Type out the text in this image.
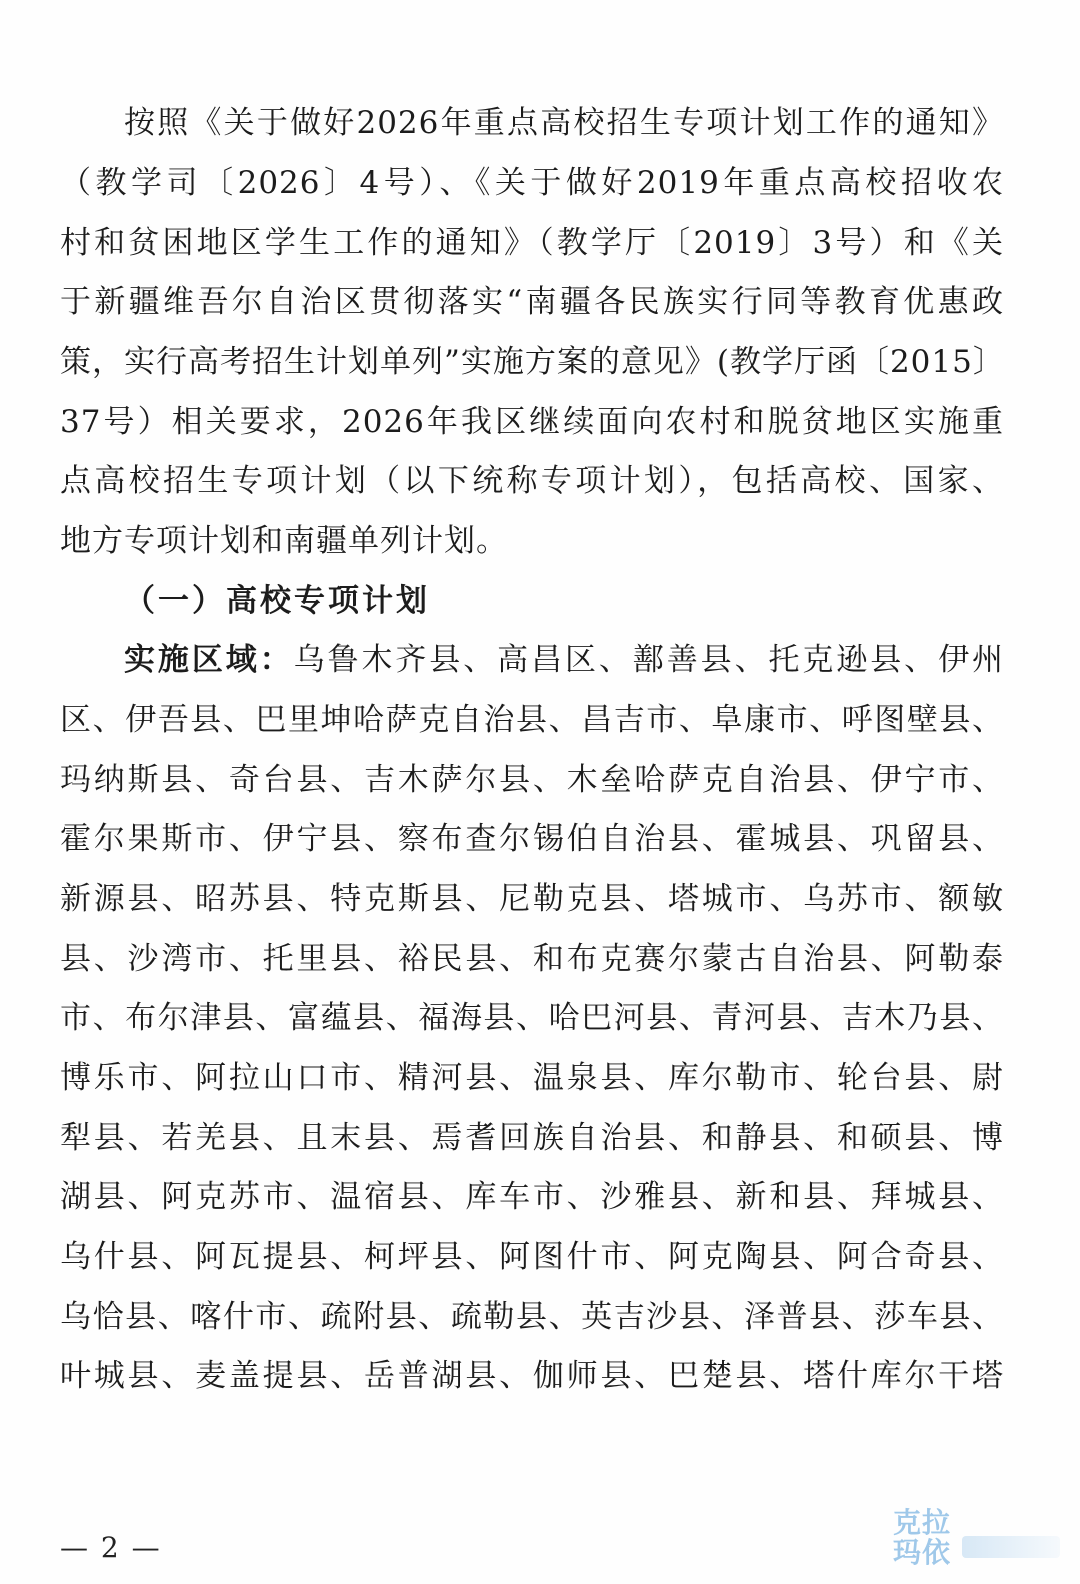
按照《关于做好2026年重点高校招生专项计划工作的通知》
（教学司〔2026〕4号）、《关于做好2019年重点高校招收农
村和贫困地区学生工作的通知》（教学厅〔2019〕3号）和《关
于新疆维吾尔自治区贯彻落实“南疆各民族实行同等教育优惠政
策，实行高考招生计划单列”实施方案的意见》(教学厅函〔2015〕
37号）相关要求，2026年我区继续面向农村和脱贫地区实施重
点高校招生专项计划（以下统称专项计划），包括高校、国家、
地方专项计划和南疆单列计划。
（一）高校专项计划
实施区域：乌鲁木齐县、高昌区、鄯善县、托克逊县、伊州
区、伊吾县、巴里坤哈萨克自治县、昌吉市、阜康市、呼图壁县、
玛纳斯县、奇台县、吉木萨尔县、木垒哈萨克自治县、伊宁市、
霍尔果斯市、伊宁县、察布查尔锡伯自治县、霍城县、巩留县、
新源县、昭苏县、特克斯县、尼勒克县、塔城市、乌苏市、额敏
县、沙湾市、托里县、裕民县、和布克赛尔蒙古自治县、阿勒泰
市、布尔津县、富蕴县、福海县、哈巴河县、青河县、吉木乃县、
博乐市、阿拉山口市、精河县、温泉县、库尔勒市、轮台县、尉
犁县、若羌县、且末县、焉耆回族自治县、和静县、和硕县、博
湖县、阿克苏市、温宿县、库车市、沙雅县、新和县、拜城县、
乌什县、阿瓦提县、柯坪县、阿图什市、阿克陶县、阿合奇县、
乌恰县、喀什市、疏附县、疏勒县、英吉沙县、泽普县、莎车县、
叶城县、麦盖提县、岳普湖县、伽师县、巴楚县、塔什库尔干塔
— 2 —
克拉玛依
